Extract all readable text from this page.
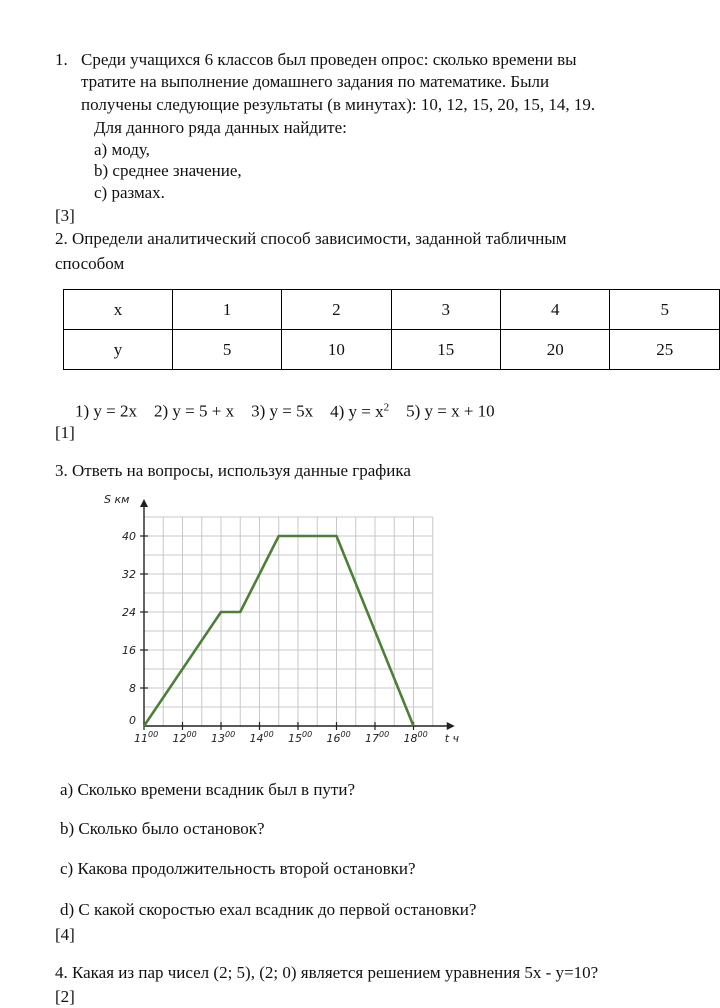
1. Среди учащихся 6 классов был проведен опрос: сколько времени вы
тратите на выполнение домашнего задания по математике. Были
получены следующие результаты (в минутах): 10, 12, 15, 20, 15, 14, 19.
Для данного ряда данных найдите:
а) моду,
b) среднее значение,
c) размах.
[3]
2. Определи аналитический способ зависимости, заданной табличным
способом
x	1	2	3	4	5
y	5	10	15	20	25
1) y = 2x 2) y = 5 + x 3) y = 5x 4) $y = x^2$ 5) y = x + 10
[1]
3. Ответь на вопросы, используя данные графика
0
8
16
24
32
40
$11^{00}$ $12^{00}$ $13^{00}$ $14^{00}$ $15^{00}$ $16^{00}$ $17^{00}$ $18^{00}$
S км
t ч
a) Сколько времени всадник был в пути?
b) Сколько было остановок?
c) Какова продолжительность второй остановки?
d) С какой скоростью ехал всадник до первой остановки?
[4]
4. Какая из пар чисел (2; 5), (2; 0) является решением уравнения 5x - y=10?
[2]
